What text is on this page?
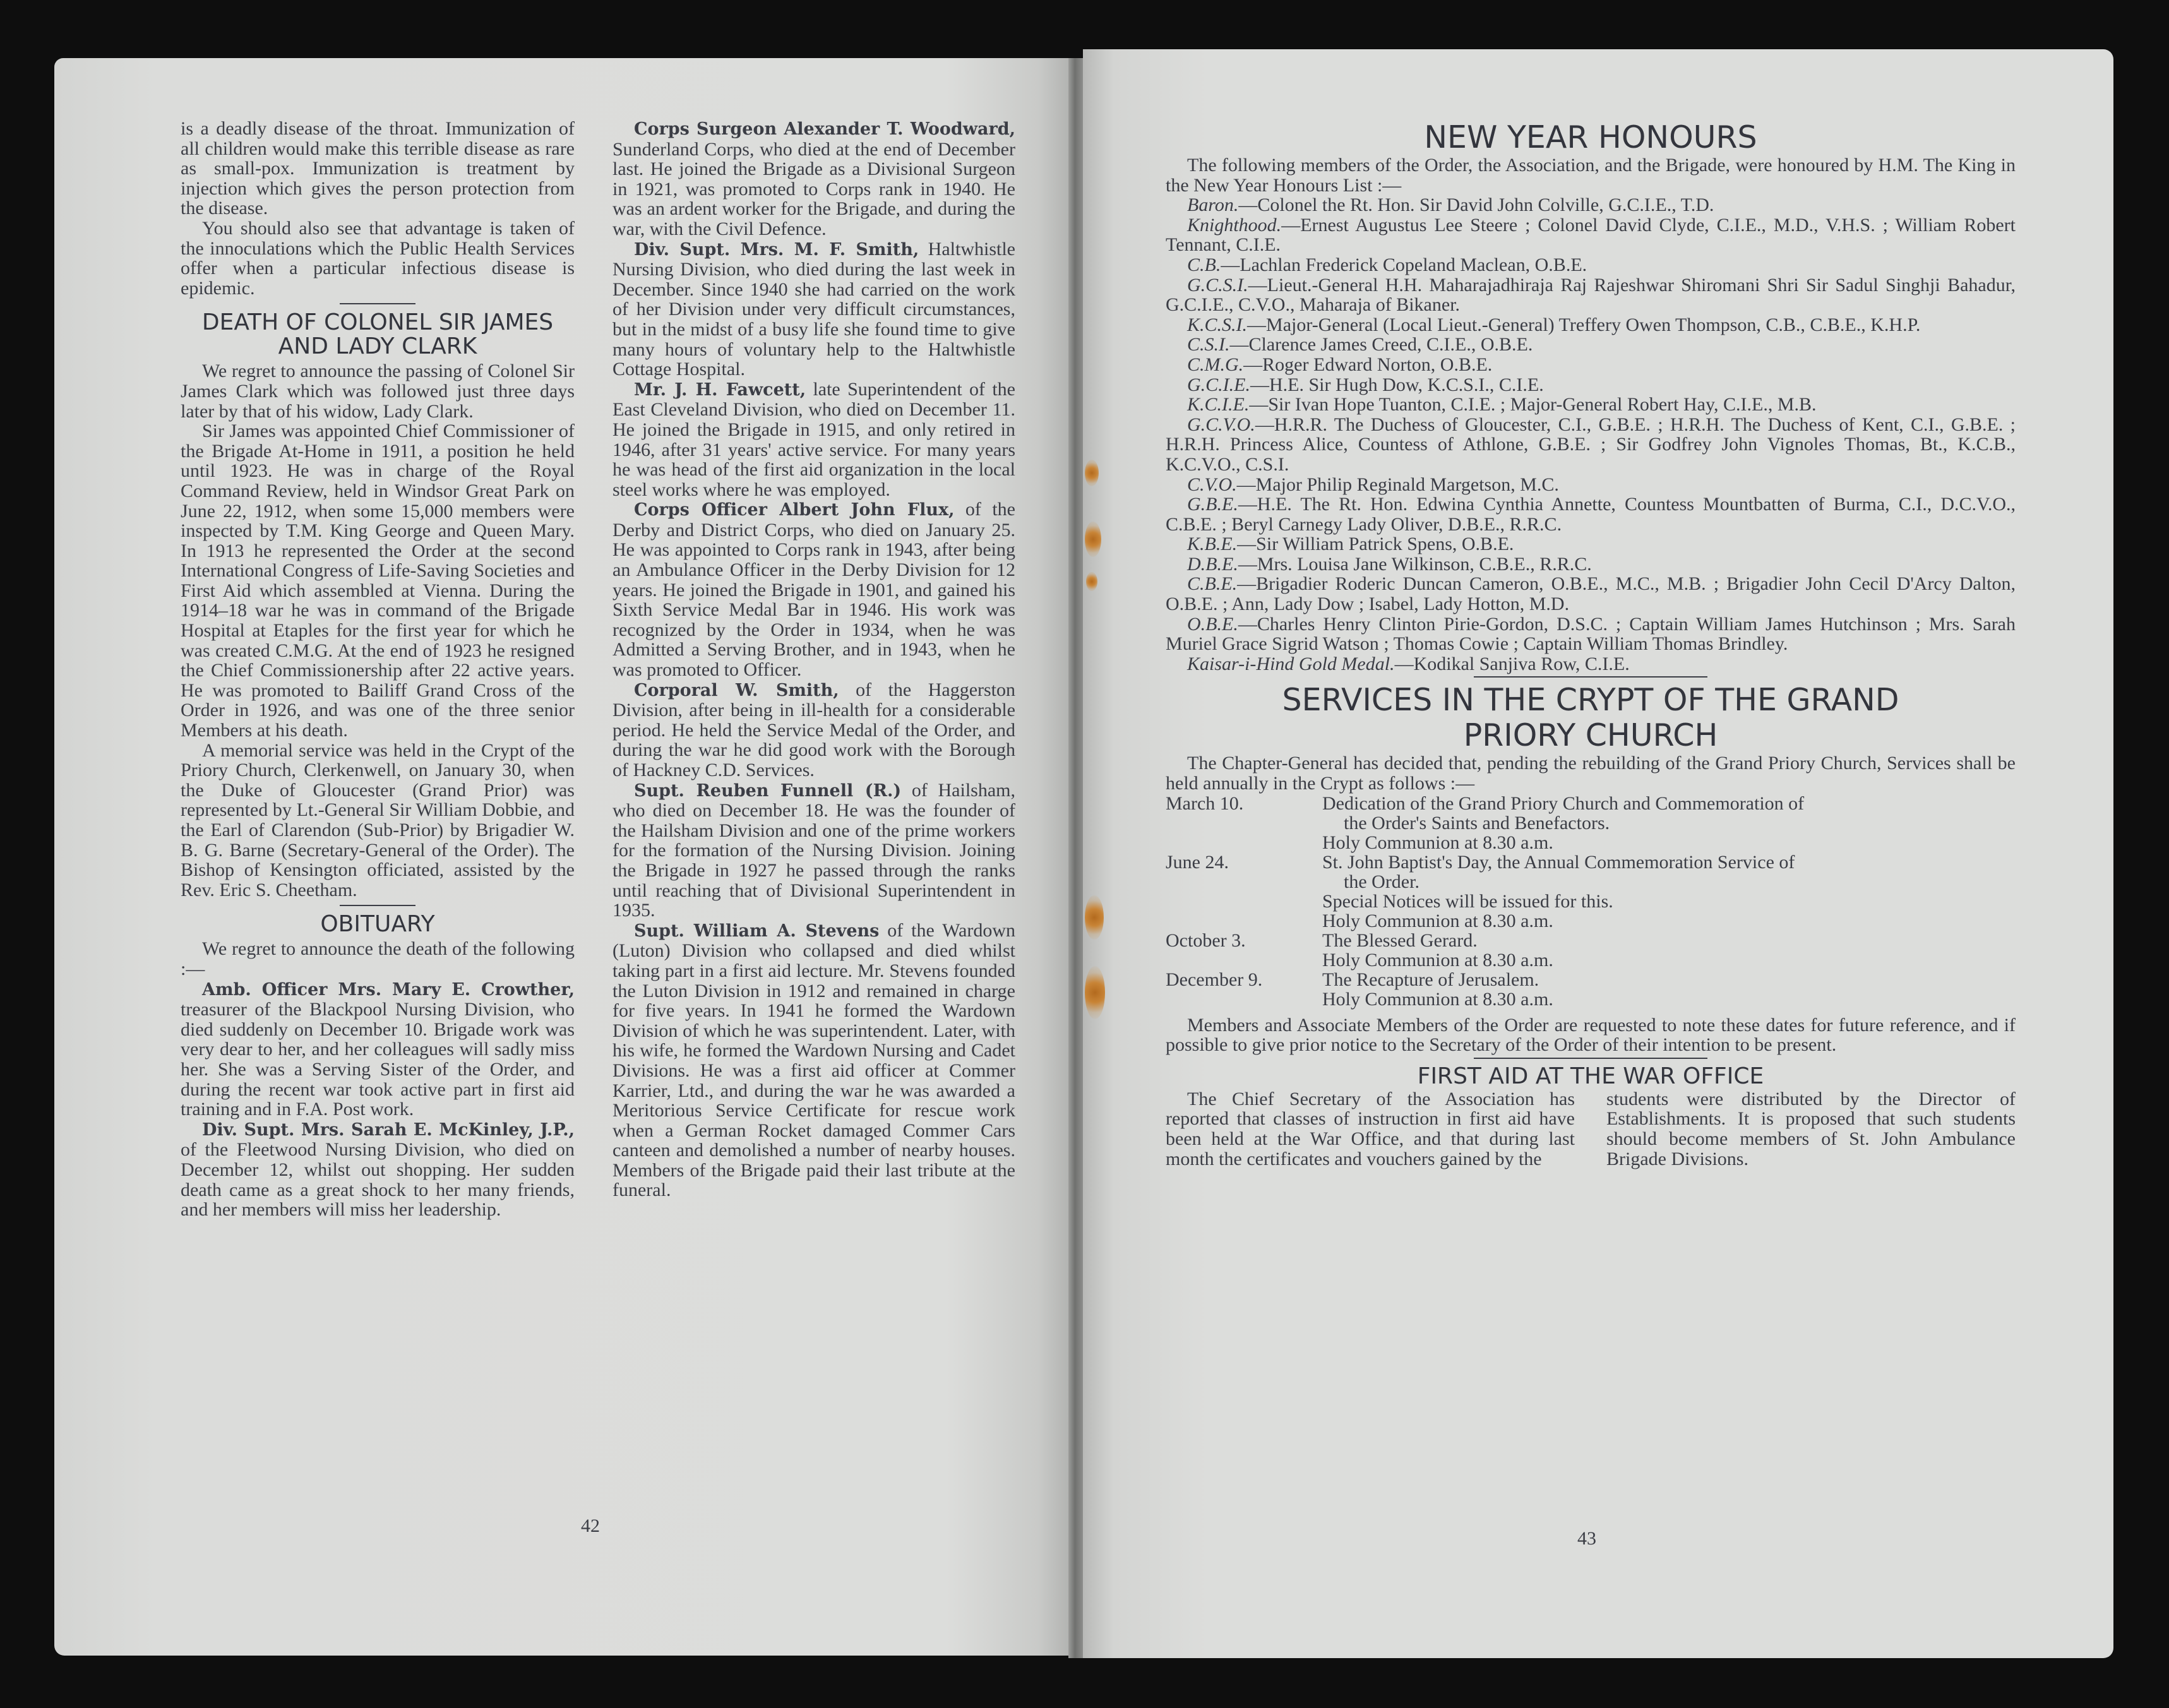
is a deadly disease of the throat. Immunization of all children would make this terrible disease as rare as small-pox. Immunization is treatment by injection which gives the person protection from the disease.

You should also see that advantage is taken of the innoculations which the Public Health Services offer when a particular infectious disease is epidemic.

DEATH OF COLONEL SIR JAMES AND LADY CLARK

We regret to announce the passing of Colonel Sir James Clark which was followed just three days later by that of his widow, Lady Clark.

Sir James was appointed Chief Commissioner of the Brigade At-Home in 1911, a position he held until 1923. He was in charge of the Royal Command Review, held in Windsor Great Park on June 22, 1912, when some 15,000 members were inspected by T.M. King George and Queen Mary. In 1913 he represented the Order at the second International Congress of Life-Saving Societies and First Aid which assembled at Vienna. During the 1914–18 war he was in command of the Brigade Hospital at Etaples for the first year for which he was created C.M.G. At the end of 1923 he resigned the Chief Commissionership after 22 active years. He was promoted to Bailiff Grand Cross of the Order in 1926, and was one of the three senior Members at his death.

A memorial service was held in the Crypt of the Priory Church, Clerkenwell, on January 30, when the Duke of Gloucester (Grand Prior) was represented by Lt.-General Sir William Dobbie, and the Earl of Clarendon (Sub-Prior) by Brigadier W. B. G. Barne (Secretary-General of the Order). The Bishop of Kensington officiated, assisted by the Rev. Eric S. Cheetham.

OBITUARY

We regret to announce the death of the following :—

Amb. Officer Mrs. Mary E. Crowther, treasurer of the Blackpool Nursing Division, who died suddenly on December 10. Brigade work was very dear to her, and her colleagues will sadly miss her. She was a Serving Sister of the Order, and during the recent war took active part in first aid training and in F.A. Post work.

Div. Supt. Mrs. Sarah E. McKinley, J.P., of the Fleetwood Nursing Division, who died on December 12, whilst out shopping. Her sudden death came as a great shock to her many friends, and her members will miss her leadership.

Corps Surgeon Alexander T. Woodward, Sunderland Corps, who died at the end of December last. He joined the Brigade as a Divisional Surgeon in 1921, was promoted to Corps rank in 1940. He was an ardent worker for the Brigade, and during the war, with the Civil Defence.

Div. Supt. Mrs. M. F. Smith, Haltwhistle Nursing Division, who died during the last week in December. Since 1940 she had carried on the work of her Division under very difficult circumstances, but in the midst of a busy life she found time to give many hours of voluntary help to the Haltwhistle Cottage Hospital.

Mr. J. H. Fawcett, late Superintendent of the East Cleveland Division, who died on December 11. He joined the Brigade in 1915, and only retired in 1946, after 31 years' active service. For many years he was head of the first aid organization in the local steel works where he was employed.

Corps Officer Albert John Flux, of the Derby and District Corps, who died on January 25. He was appointed to Corps rank in 1943, after being an Ambulance Officer in the Derby Division for 12 years. He joined the Brigade in 1901, and gained his Sixth Service Medal Bar in 1946. His work was recognized by the Order in 1934, when he was Admitted a Serving Brother, and in 1943, when he was promoted to Officer.

Corporal W. Smith, of the Haggerston Division, after being in ill-health for a considerable period. He held the Service Medal of the Order, and during the war he did good work with the Borough of Hackney C.D. Services.

Supt. Reuben Funnell (R.) of Hailsham, who died on December 18. He was the founder of the Hailsham Division and one of the prime workers for the formation of the Nursing Division. Joining the Brigade in 1927 he passed through the ranks until reaching that of Divisional Superintendent in 1935.

Supt. William A. Stevens of the Wardown (Luton) Division who collapsed and died whilst taking part in a first aid lecture. Mr. Stevens founded the Luton Division in 1912 and remained in charge for five years. In 1941 he formed the Wardown Division of which he was superintendent. Later, with his wife, he formed the Wardown Nursing and Cadet Divisions. He was a first aid officer at Commer Karrier, Ltd., and during the war he was awarded a Meritorious Service Certificate for rescue work when a German Rocket damaged Commer Cars canteen and demolished a number of nearby houses. Members of the Brigade paid their last tribute at the funeral.

42
NEW YEAR HONOURS

The following members of the Order, the Association, and the Brigade, were honoured by H.M. The King in the New Year Honours List :—

Baron.—Colonel the Rt. Hon. Sir David John Colville, G.C.I.E., T.D.

Knighthood.—Ernest Augustus Lee Steere ; Colonel David Clyde, C.I.E., M.D., V.H.S. ; William Robert Tennant, C.I.E.

C.B.—Lachlan Frederick Copeland Maclean, O.B.E.

G.C.S.I.—Lieut.-General H.H. Maharajadhiraja Raj Rajeshwar Shiromani Shri Sir Sadul Singhji Bahadur, G.C.I.E., C.V.O., Maharaja of Bikaner.

K.C.S.I.—Major-General (Local Lieut.-General) Treffery Owen Thompson, C.B., C.B.E., K.H.P.

C.S.I.—Clarence James Creed, C.I.E., O.B.E.

C.M.G.—Roger Edward Norton, O.B.E.

G.C.I.E.—H.E. Sir Hugh Dow, K.C.S.I., C.I.E.

K.C.I.E.—Sir Ivan Hope Tuanton, C.I.E. ; Major-General Robert Hay, C.I.E., M.B.

G.C.V.O.—H.R.R. The Duchess of Gloucester, C.I., G.B.E. ; H.R.H. The Duchess of Kent, C.I., G.B.E. ; H.R.H. Princess Alice, Countess of Athlone, G.B.E. ; Sir Godfrey John Vignoles Thomas, Bt., K.C.B., K.C.V.O., C.S.I.

C.V.O.—Major Philip Reginald Margetson, M.C.

G.B.E.—H.E. The Rt. Hon. Edwina Cynthia Annette, Countess Mountbatten of Burma, C.I., D.C.V.O., C.B.E. ; Beryl Carnegy Lady Oliver, D.B.E., R.R.C.

K.B.E.—Sir William Patrick Spens, O.B.E.

D.B.E.—Mrs. Louisa Jane Wilkinson, C.B.E., R.R.C.

C.B.E.—Brigadier Roderic Duncan Cameron, O.B.E., M.C., M.B. ; Brigadier John Cecil D'Arcy Dalton, O.B.E. ; Ann, Lady Dow ; Isabel, Lady Hotton, M.D.

O.B.E.—Charles Henry Clinton Pirie-Gordon, D.S.C. ; Captain William James Hutchinson ; Mrs. Sarah Muriel Grace Sigrid Watson ; Thomas Cowie ; Captain William Thomas Brindley.

Kaisar-i-Hind Gold Medal.—Kodikal Sanjiva Row, C.I.E.

SERVICES IN THE CRYPT OF THE GRAND
PRIORY CHURCH

The Chapter-General has decided that, pending the rebuilding of the Grand Priory Church, Services shall be held annually in the Crypt as follows :—

March 10.	Dedication of the Grand Priory Church and Commemoration of
the Order's Saints and Benefactors.
Holy Communion at 8.30 a.m.
June 24.	St. John Baptist's Day, the Annual Commemoration Service of
the Order.
Special Notices will be issued for this.
Holy Communion at 8.30 a.m.
October 3.	The Blessed Gerard.
Holy Communion at 8.30 a.m.
December 9.	The Recapture of Jerusalem.
Holy Communion at 8.30 a.m.

Members and Associate Members of the Order are requested to note these dates for future reference, and if possible to give prior notice to the Secretary of the Order of their intention to be present.

FIRST AID AT THE WAR OFFICE

The Chief Secretary of the Association has reported that classes of instruction in first aid have been held at the War Office, and that during last month the certificates and vouchers gained by the

students were distributed by the Director of Establishments. It is proposed that such students should become members of St. John Ambulance Brigade Divisions.

43
